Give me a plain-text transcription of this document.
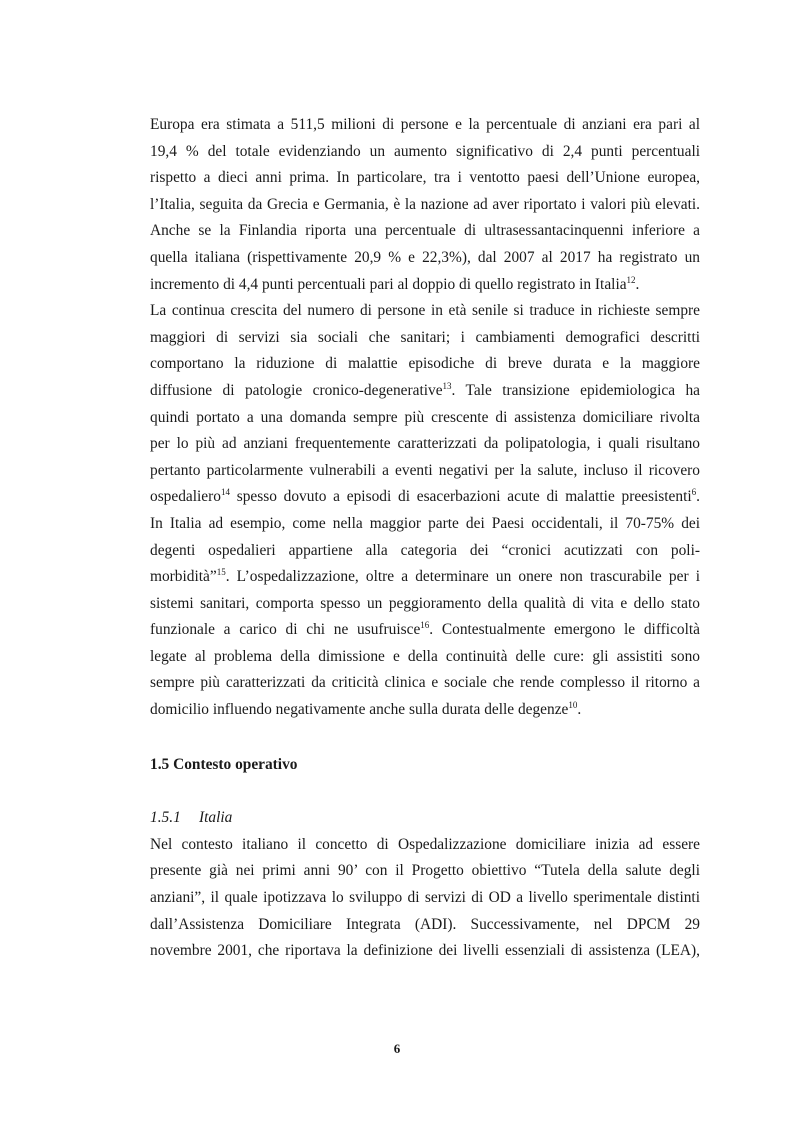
Europa era stimata a 511,5 milioni di persone e la percentuale di anziani era pari al
19,4 % del totale evidenziando un aumento significativo di 2,4 punti percentuali
rispetto a dieci anni prima. In particolare, tra i ventotto paesi dell’Unione europea,
l’Italia, seguita da Grecia e Germania, è la nazione ad aver riportato i valori più elevati.
Anche se la Finlandia riporta una percentuale di ultrasessantacinquenni inferiore a
quella italiana (rispettivamente 20,9 % e 22,3%), dal 2007 al 2017 ha registrato un
incremento di 4,4 punti percentuali pari al doppio di quello registrato in Italia$^{12}$.
La continua crescita del numero di persone in età senile si traduce in richieste sempre
maggiori di servizi sia sociali che sanitari; i cambiamenti demografici descritti
comportano la riduzione di malattie episodiche di breve durata e la maggiore
diffusione di patologie cronico-degenerative$^{13}$. Tale transizione epidemiologica ha
quindi portato a una domanda sempre più crescente di assistenza domiciliare rivolta
per lo più ad anziani frequentemente caratterizzati da polipatologia, i quali risultano
pertanto particolarmente vulnerabili a eventi negativi per la salute, incluso il ricovero
ospedaliero$^{14}$ spesso dovuto a episodi di esacerbazioni acute di malattie preesistenti$^6$.
In Italia ad esempio, come nella maggior parte dei Paesi occidentali, il 70-75% dei
degenti ospedalieri appartiene alla categoria dei “cronici acutizzati con poli-
morbidità”$^{15}$. L’ospedalizzazione, oltre a determinare un onere non trascurabile per i
sistemi sanitari, comporta spesso un peggioramento della qualità di vita e dello stato
funzionale a carico di chi ne usufruisce$^{16}$. Contestualmente emergono le difficoltà
legate al problema della dimissione e della continuità delle cure: gli assistiti sono
sempre più caratterizzati da criticità clinica e sociale che rende complesso il ritorno a
domicilio influendo negativamente anche sulla durata delle degenze$^{10}$.
1.5 Contesto operativo
1.5.1 Italia
Nel contesto italiano il concetto di Ospedalizzazione domiciliare inizia ad essere
presente già nei primi anni 90’ con il Progetto obiettivo “Tutela della salute degli
anziani”, il quale ipotizzava lo sviluppo di servizi di OD a livello sperimentale distinti
dall’Assistenza Domiciliare Integrata (ADI). Successivamente, nel DPCM 29
novembre 2001, che riportava la definizione dei livelli essenziali di assistenza (LEA),
6
